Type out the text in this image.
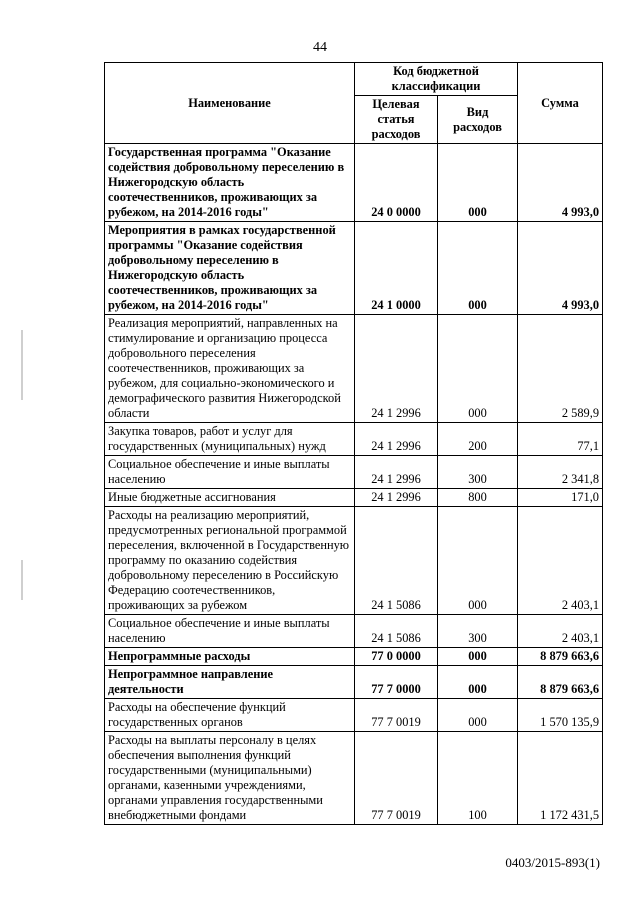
44
Наименование	Код бюджетной классификации		Сумма
	Целевая статья расходов	Вид расходов	
Государственная программа "Оказание содействия добровольному переселению в Нижегородскую область соотечественников, проживающих за рубежом, на 2014-2016 годы"	24 0 0000	000	4 993,0
Мероприятия в рамках государственной программы "Оказание содействия добровольному переселению в Нижегородскую область соотечественников, проживающих за рубежом, на 2014-2016 годы"	24 1 0000	000	4 993,0
Реализация мероприятий, направленных на стимулирование и организацию процесса добровольного переселения соотечественников, проживающих за рубежом, для социально-экономического и демографического развития Нижегородской области	24 1 2996	000	2 589,9
Закупка товаров, работ и услуг для государственных (муниципальных) нужд	24 1 2996	200	77,1
Социальное обеспечение и иные выплаты населению	24 1 2996	300	2 341,8
Иные бюджетные ассигнования	24 1 2996	800	171,0
Расходы на реализацию мероприятий, предусмотренных региональной программой переселения, включенной в Государственную программу по оказанию содействия добровольному переселению в Российскую Федерацию соотечественников, проживающих за рубежом	24 1 5086	000	2 403,1
Социальное обеспечение и иные выплаты населению	24 1 5086	300	2 403,1
Непрограммные расходы	77 0 0000	000	8 879 663,6
Непрограммное направление деятельности	77 7 0000	000	8 879 663,6
Расходы на обеспечение функций государственных органов	77 7 0019	000	1 570 135,9
Расходы на выплаты персоналу в целях обеспечения выполнения функций государственными (муниципальными) органами, казенными учреждениями, органами управления государственными внебюджетными фондами	77 7 0019	100	1 172 431,5
0403/2015-893(1)
